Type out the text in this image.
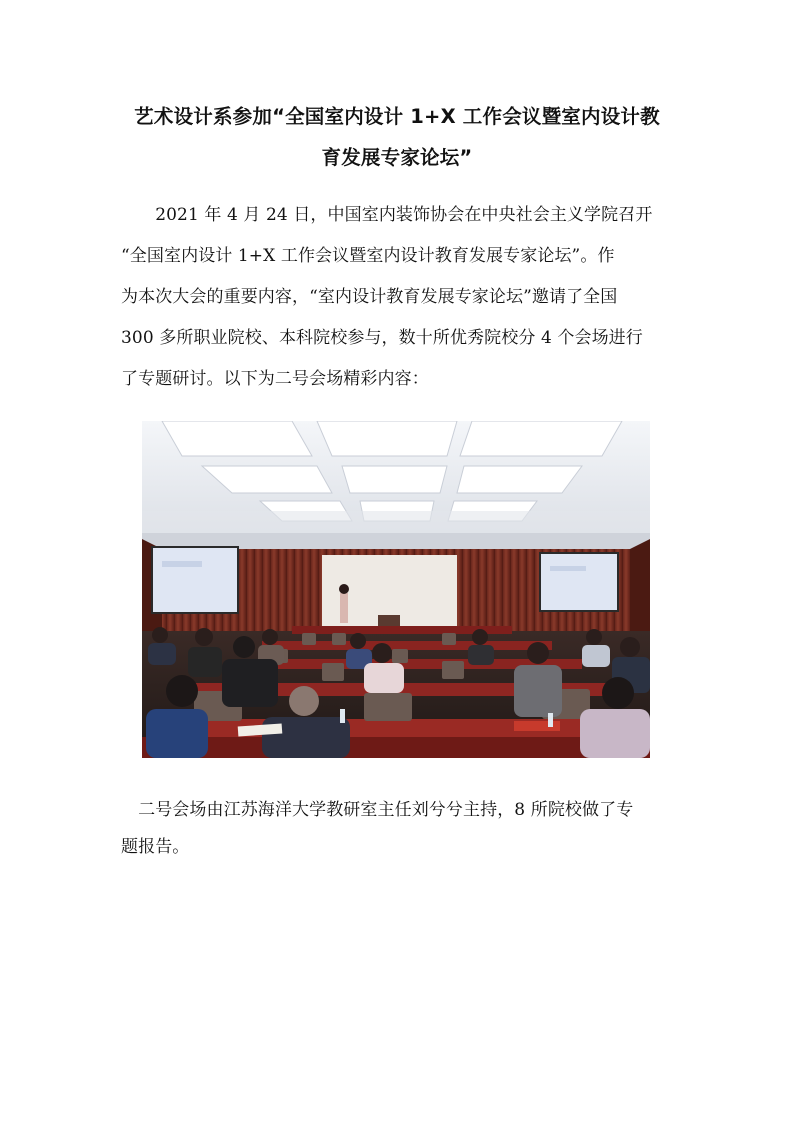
艺术设计系参加“全国室内设计 1+X 工作会议暨室内设计教
育发展专家论坛”
　　2021 年 4 月 24 日，中国室内装饰协会在中央社会主义学院召开
“全国室内设计 1+X 工作会议暨室内设计教育发展专家论坛”。作
为本次大会的重要内容，“室内设计教育发展专家论坛”邀请了全国
300 多所职业院校、本科院校参与，数十所优秀院校分 4 个会场进行
了专题研讨。以下为二号会场精彩内容：
　二号会场由江苏海洋大学教研室主任刘兮兮主持，8 所院校做了专
题报告。
